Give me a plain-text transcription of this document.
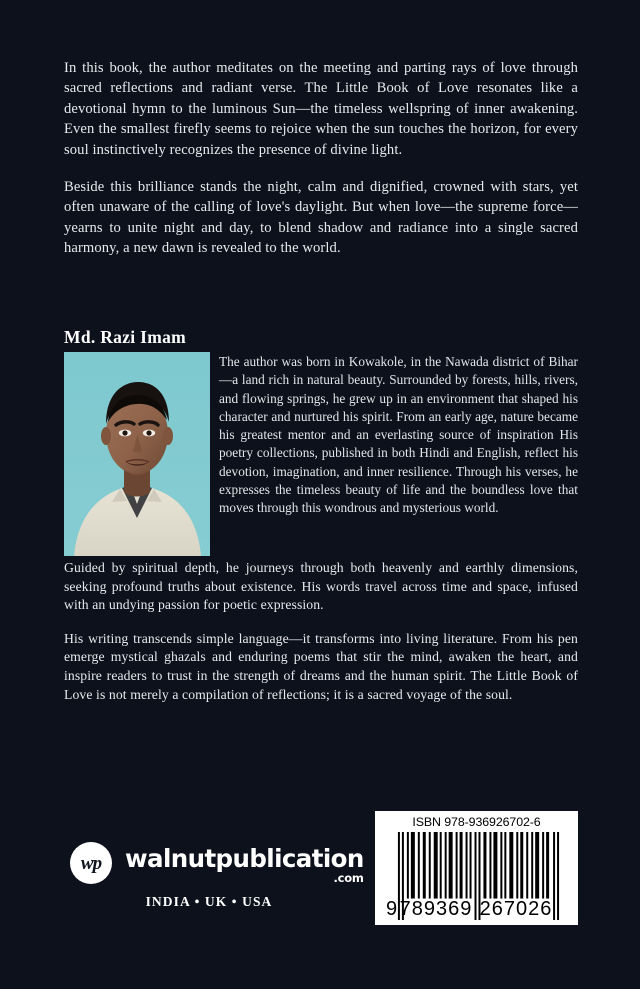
In this book, the author meditates on the meeting and parting rays of love through sacred reflections and radiant verse. The Little Book of Love resonates like a devotional hymn to the luminous Sun—the timeless wellspring of inner awakening. Even the smallest firefly seems to rejoice when the sun touches the horizon, for every soul instinctively recognizes the presence of divine light.

Beside this brilliance stands the night, calm and dignified, crowned with stars, yet often unaware of the calling of love's daylight. But when love—the supreme force—yearns to unite night and day, to blend shadow and radiance into a single sacred harmony, a new dawn is revealed to the world.

Md. Razi Imam
The author was born in Kowakole, in the Nawada district of Bihar—a land rich in natural beauty. Surrounded by forests, hills, rivers, and flowing springs, he grew up in an environment that shaped his character and nurtured his spirit. From an early age, nature became his greatest mentor and an everlasting source of inspiration His poetry collections, published in both Hindi and English, reflect his devotion, imagination, and inner resilience. Through his verses, he expresses the timeless beauty of life and the boundless love that moves through this wondrous and mysterious world.

Guided by spiritual depth, he journeys through both heavenly and earthly dimensions, seeking profound truths about existence. His words travel across time and space, infused with an undying passion for poetic expression.

His writing transcends simple language—it transforms into living literature. From his pen emerge mystical ghazals and enduring poems that stir the mind, awaken the heart, and inspire readers to trust in the strength of dreams and the human spirit. The Little Book of Love is not merely a compilation of reflections; it is a sacred voyage of the soul.

wp walnutpublication
.com
INDIA • UK • USA
ISBN 978-936926702-6
9 789369 267026
